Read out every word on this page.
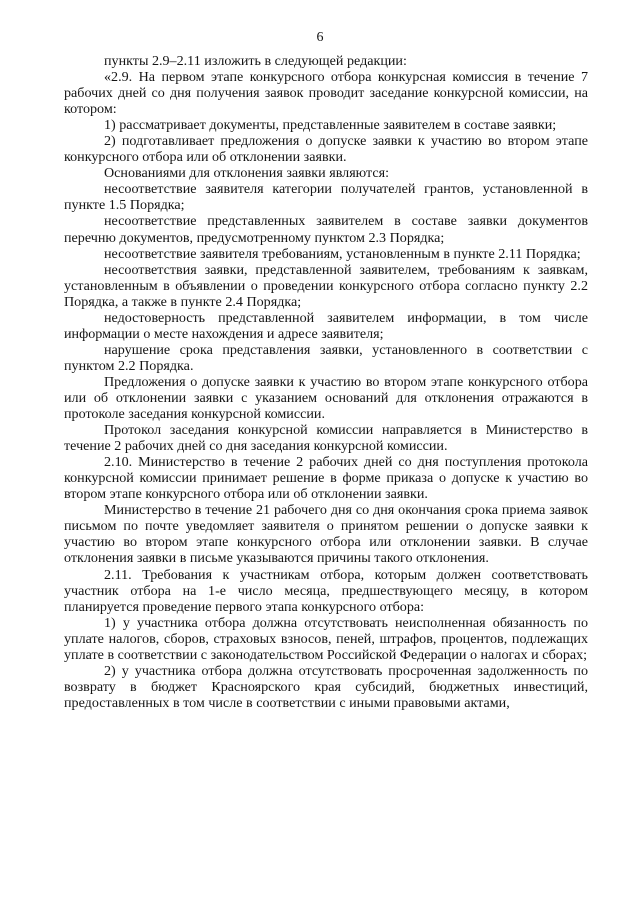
6

пункты 2.9–2.11 изложить в следующей редакции:

«2.9. На первом этапе конкурсного отбора конкурсная комиссия в течение 7 рабочих дней со дня получения заявок проводит заседание конкурсной комиссии, на котором:

1) рассматривает документы, представленные заявителем в составе заявки;

2) подготавливает предложения о допуске заявки к участию во втором этапе конкурсного отбора или об отклонении заявки.

Основаниями для отклонения заявки являются:

несоответствие заявителя категории получателей грантов, установленной в пункте 1.5 Порядка;

несоответствие представленных заявителем в составе заявки документов перечню документов, предусмотренному пунктом 2.3 Порядка;

несоответствие заявителя требованиям, установленным в пункте 2.11 Порядка;

несоответствия заявки, представленной заявителем, требованиям к заявкам, установленным в объявлении о проведении конкурсного отбора согласно пункту 2.2 Порядка, а также в пункте 2.4 Порядка;

недостоверность представленной заявителем информации, в том числе информации о месте нахождения и адресе заявителя;

нарушение срока представления заявки, установленного в соответствии с пунктом 2.2 Порядка.

Предложения о допуске заявки к участию во втором этапе конкурсного отбора или об отклонении заявки с указанием оснований для отклонения отражаются в протоколе заседания конкурсной комиссии.

Протокол заседания конкурсной комиссии направляется в Министерство в течение 2 рабочих дней со дня заседания конкурсной комиссии.

2.10. Министерство в течение 2 рабочих дней со дня поступления протокола конкурсной комиссии принимает решение в форме приказа о допуске к участию во втором этапе конкурсного отбора или об отклонении заявки.

Министерство в течение 21 рабочего дня со дня окончания срока приема заявок письмом по почте уведомляет заявителя о принятом решении о допуске заявки к участию во втором этапе конкурсного отбора или отклонении заявки. В случае отклонения заявки в письме указываются причины такого отклонения.

2.11. Требования к участникам отбора, которым должен соответствовать участник отбора на 1-е число месяца, предшествующего месяцу, в котором планируется проведение первого этапа конкурсного отбора:

1) у участника отбора должна отсутствовать неисполненная обязанность по уплате налогов, сборов, страховых взносов, пеней, штрафов, процентов, подлежащих уплате в соответствии с законодательством Российской Федерации о налогах и сборах;

2) у участника отбора должна отсутствовать просроченная задолженность по возврату в бюджет Красноярского края субсидий, бюджетных инвестиций, предоставленных в том числе в соответствии с иными правовыми актами,
